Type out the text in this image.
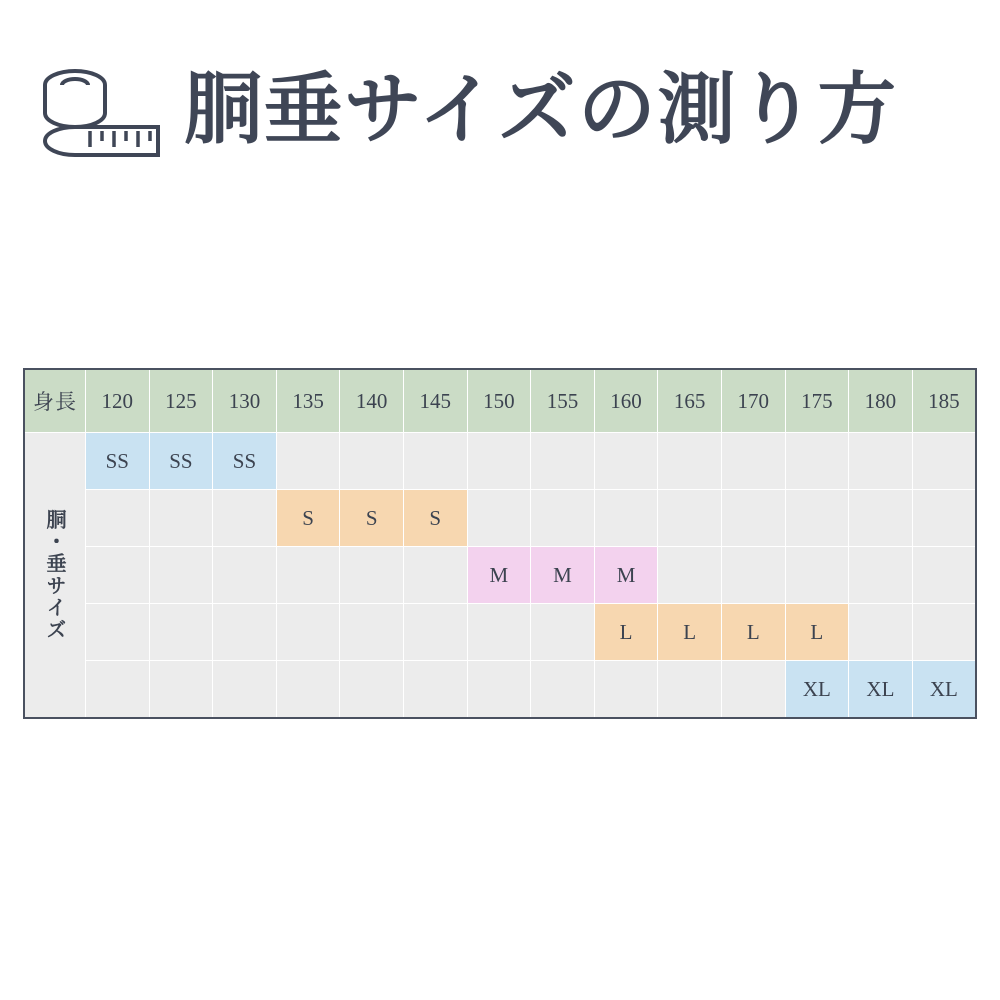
胴垂サイズの測り方
身長	120	125	130	135	140	145	150	155	160	165	170	175	180	185

胴・垂サイズ	SS	SS	SS											
				S	S	S								
							M	M	M					
									L	L	L	L		
												XL	XL	XL
